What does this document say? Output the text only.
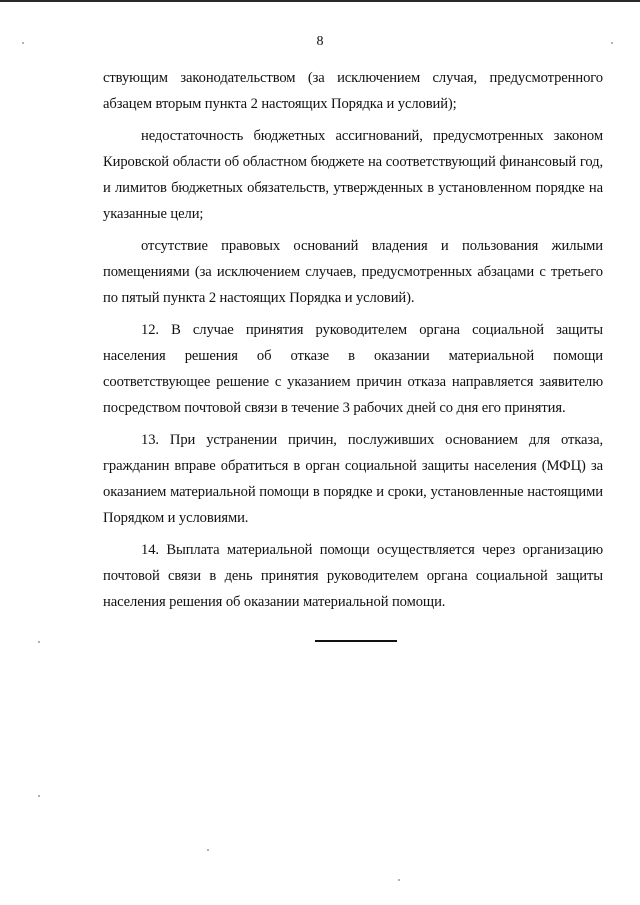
8

ствующим законодательством (за исключением случая, предусмотренного абзацем вторым пункта 2 настоящих Порядка и условий);

недостаточность бюджетных ассигнований, предусмотренных законом Кировской области об областном бюджете на соответствующий финансовый год, и лимитов бюджетных обязательств, утвержденных в установленном порядке на указанные цели;

отсутствие правовых оснований владения и пользования жилыми помещениями (за исключением случаев, предусмотренных абзацами с третьего по пятый пункта 2 настоящих Порядка и условий).

12. В случае принятия руководителем органа социальной защиты населения решения об отказе в оказании материальной помощи соответствующее решение с указанием причин отказа направляется заявителю посредством почтовой связи в течение 3 рабочих дней со дня его принятия.

13. При устранении причин, послуживших основанием для отказа, гражданин вправе обратиться в орган социальной защиты населения (МФЦ) за оказанием материальной помощи в порядке и сроки, установленные настоящими Порядком и условиями.

14. Выплата материальной помощи осуществляется через организацию почтовой связи в день принятия руководителем органа социальной защиты населения решения об оказании материальной помощи.
